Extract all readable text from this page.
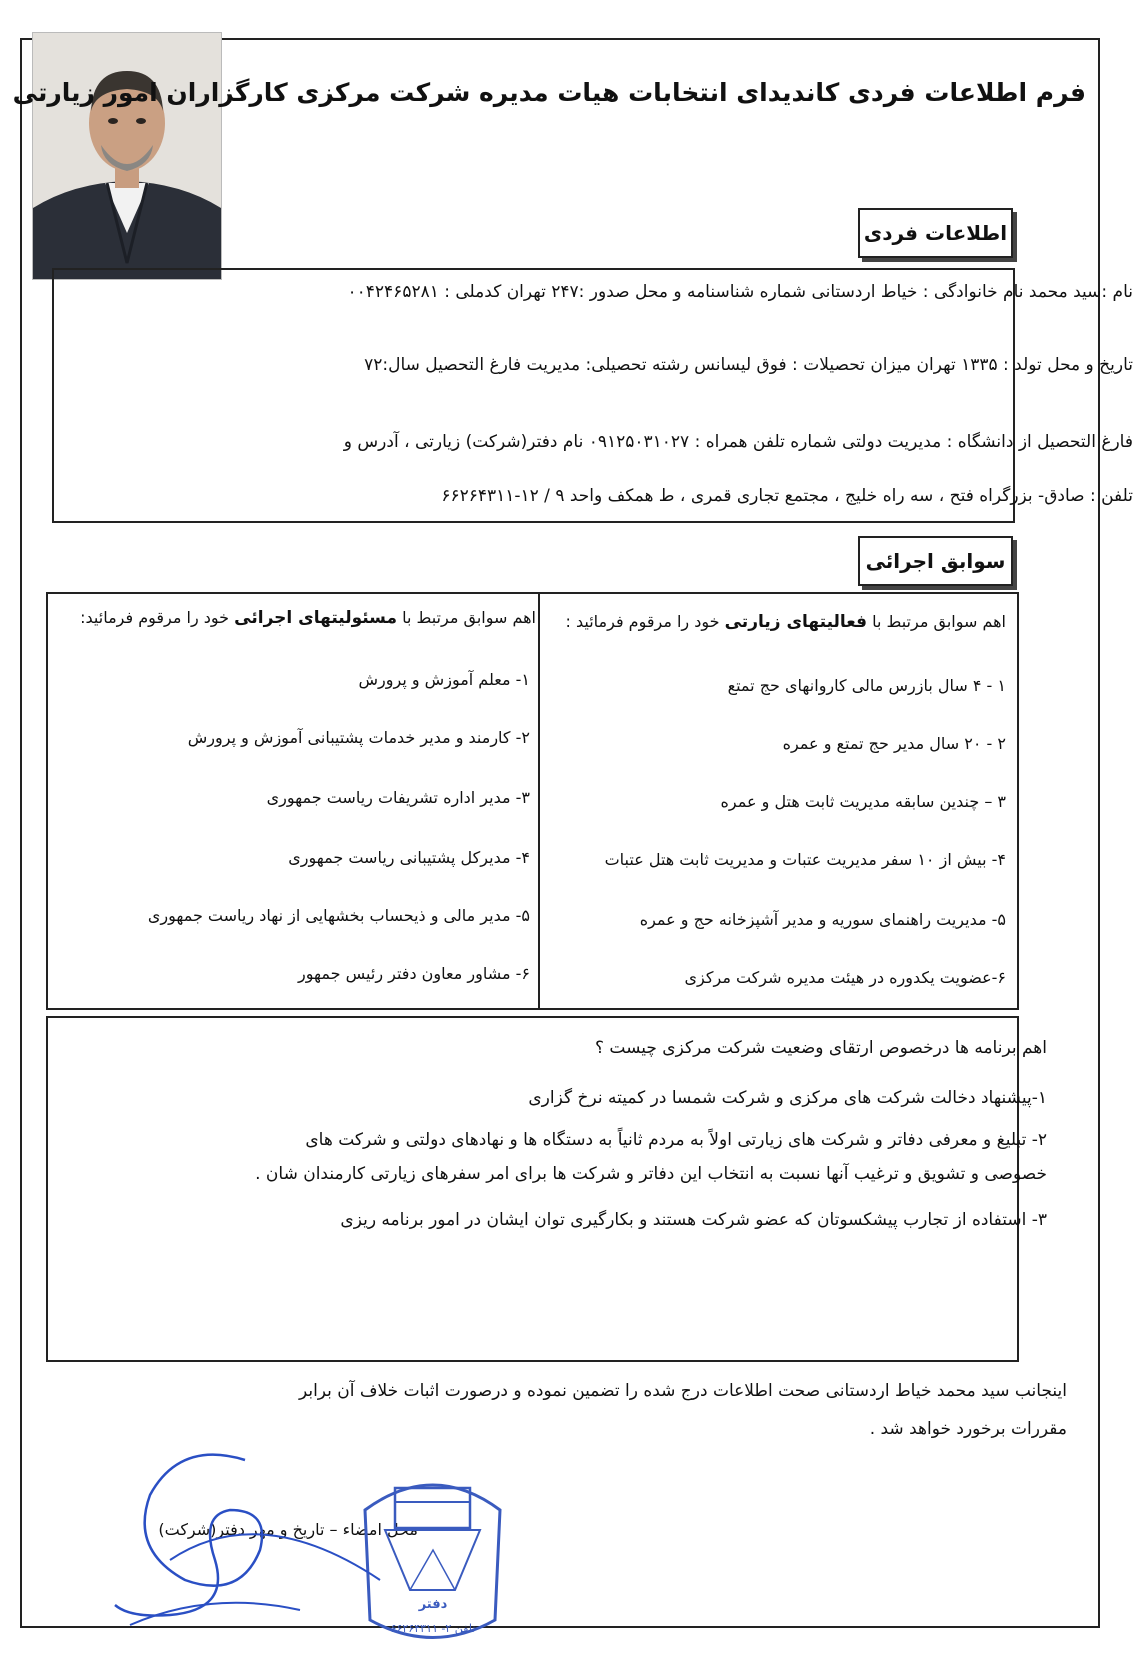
فرم اطلاعات فردی کاندیدای انتخابات هیات مدیره شرکت مرکزی کارگزاران امور زیارتی
اطلاعات فردی
نام :سید محمد نام خانوادگی : خیاط اردستانی شماره شناسنامه و محل صدور :۲۴۷ تهران کدملی : ۰۰۴۲۴۶۵۲۸۱
تاریخ و محل تولد : ۱۳۳۵ تهران میزان تحصیلات : فوق لیسانس رشته تحصیلی: مدیریت فارغ التحصیل سال:۷۲
فارغ التحصیل از دانشگاه : مدیریت دولتی شماره تلفن همراه : ۰۹۱۲۵۰۳۱۰۲۷ نام دفتر(شرکت) زیارتی ، آدرس و
تلفن : صادق- بزرگراه فتح ، سه راه خلیج ، مجتمع تجاری قمری ، ط همکف واحد ۹ / ۱۲-۶۶۲۶۴۳۱۱
سوابق اجرائی
اهم سوابق مرتبط با فعالیتهای زیارتی خود را مرقوم فرمائید :
۱ - ۴ سال بازرس مالی کاروانهای حج تمتع
۲ - ۲۰ سال مدیر حج تمتع و عمره
۳ – چندین سابقه مدیریت ثابت هتل و عمره
۴- بیش از ۱۰ سفر مدیریت عتبات و مدیریت ثابت هتل عتبات
۵- مدیریت راهنمای سوریه و مدیر آشپزخانه حج و عمره
۶-عضویت یکدوره در هیئت مدیره شرکت مرکزی
اهم سوابق مرتبط با مسئولیتهای اجرائی خود را مرقوم فرمائید:
۱- معلم آموزش و پرورش
۲- کارمند و مدیر خدمات پشتیبانی آموزش و پرورش
۳- مدیر اداره تشریفات ریاست جمهوری
۴- مدیرکل پشتیبانی ریاست جمهوری
۵- مدیر مالی و ذیحساب بخشهایی از نهاد ریاست جمهوری
۶- مشاور معاون دفتر رئیس جمهور
اهم برنامه ها درخصوص ارتقای وضعیت شرکت مرکزی چیست ؟
۱-پیشنهاد دخالت شرکت های مرکزی و شرکت شمسا در کمیته نرخ گزاری
۲- تبلیغ و معرفی دفاتر و شرکت های زیارتی اولاً به مردم ثانیاً به دستگاه ها و نهادهای دولتی و شرکت های
خصوصی و تشویق و ترغیب آنها نسبت به انتخاب این دفاتر و شرکت ها برای امر سفرهای زیارتی کارمندان شان .
۳- استفاده از تجارب پیشکسوتان که عضو شرکت هستند و بکارگیری توان ایشان در امور برنامه ریزی
اینجانب سید محمد خیاط اردستانی صحت اطلاعات درج شده را تضمین نموده و درصورت اثبات خلاف آن برابر
مقررات برخورد خواهد شد .
محل امضاء – تاریخ و مهر دفتر(شرکت)
دفتر
تلفن ۲- ۶۶۲۶۴۳۱۱
